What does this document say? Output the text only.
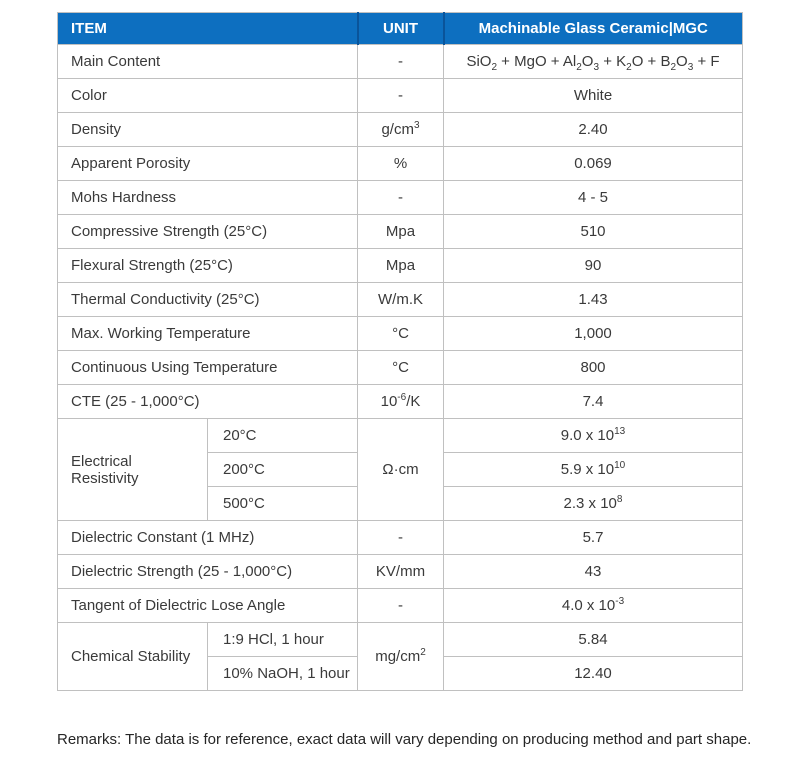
ITEM		UNIT	Machinable Glass Ceramic|MGC
Main Content		-	SiO$_2$ + MgO + $Al_2O_3 + K_2O + B_2O_3 + F$
Color		-	White
Density		$g/cm^3$	2.40
Apparent Porosity		%	0.069
Mohs Hardness		-	4 - 5
Compressive Strength (25°C)		Mpa	510
Flexural Strength (25°C)		Mpa	90
Thermal Conductivity (25°C)		W/m.K	1.43
Max. Working Temperature		°C	1,000
Continuous Using Temperature		°C	800
CTE (25 - 1,000°C)		$10^{-6}/K$	7.4
Electrical Resistivity	20°C	Ω·cm	9.0 x $10^{13}$
	200°C		5.9 x $10^{10}$
	500°C		2.3 x $10^8$
Dielectric Constant (1 MHz)		-	5.7
Dielectric Strength (25 - 1,000°C)		KV/mm	43
Tangent of Dielectric Lose Angle		-	4.0 x $10^{-3}$
Chemical Stability	1:9 HCl, 1 hour	$mg/cm^2$	5.84
	10% NaOH, 1 hour		12.40

Remarks: The data is for reference, exact data will vary depending on producing method and part shape.
